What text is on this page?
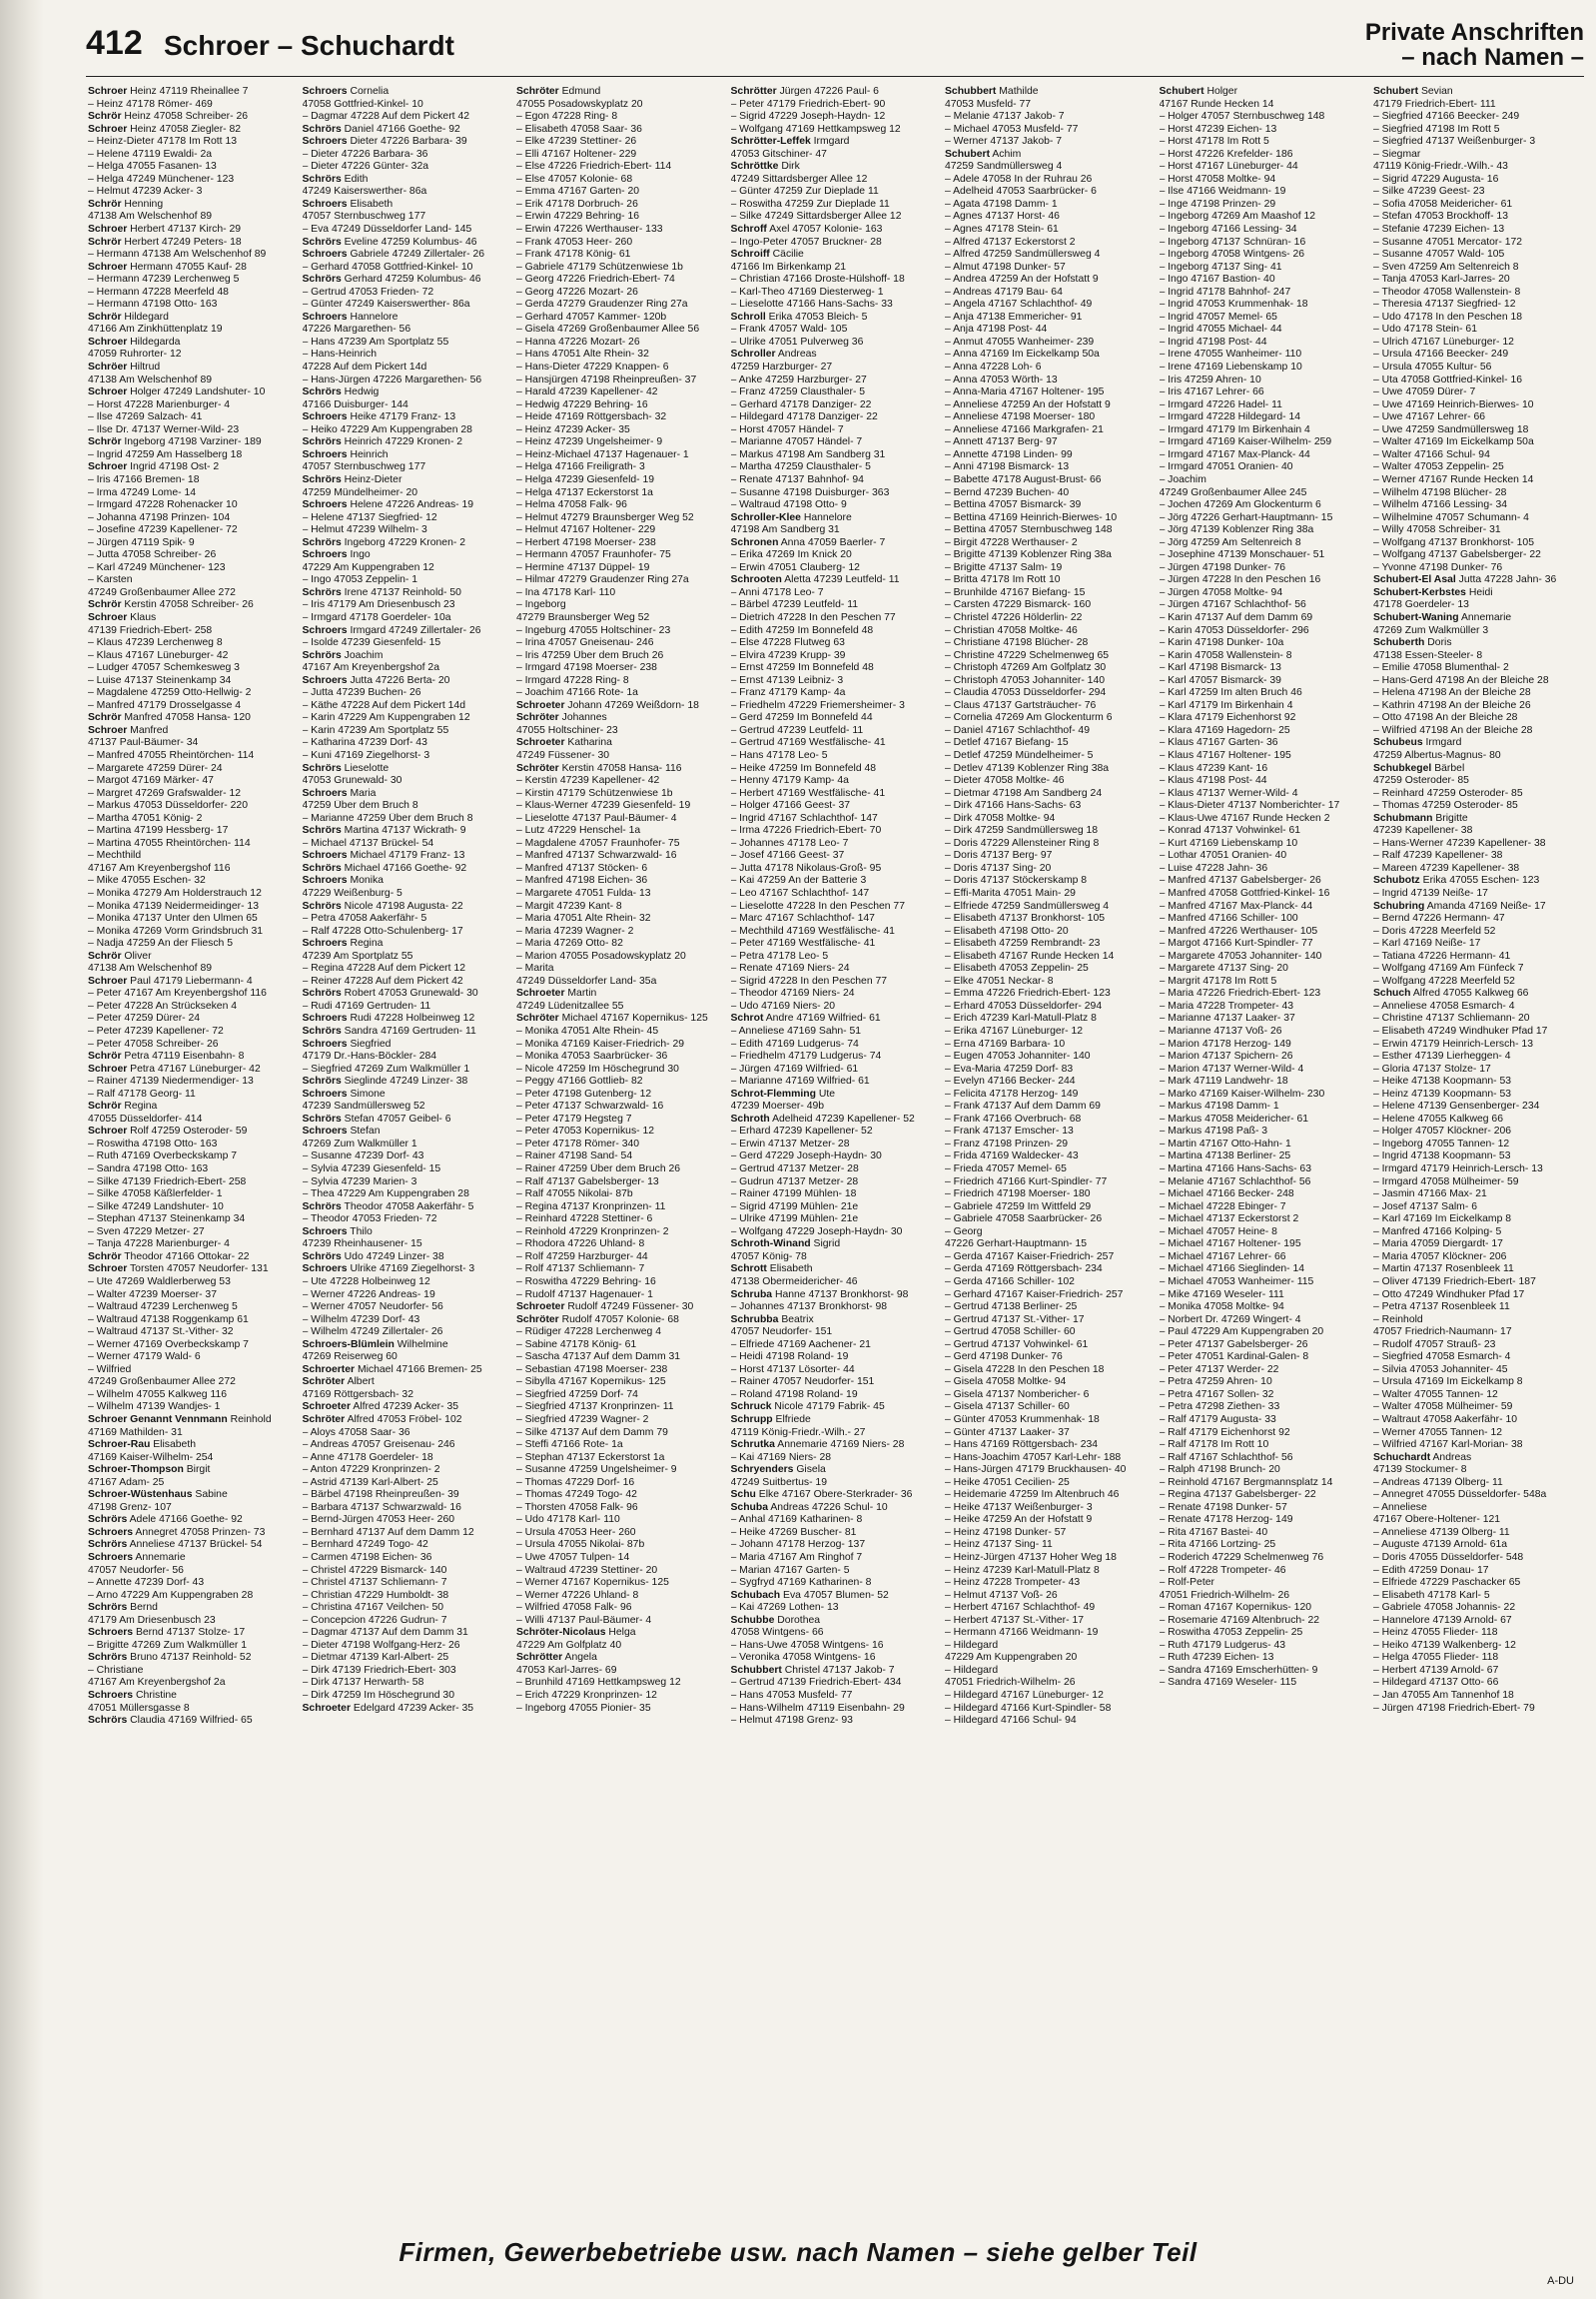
412 Schroer – Schuchardt	Private Anschriften
– nach Namen –
Schroer Heinz 47119 Rheinallee 7
– Heinz 47178 Römer- 469
Schrör Heinz 47058 Schreiber- 26
Schroer Heinz 47058 Ziegler- 82
– Heinz-Dieter 47178 Im Rott 13
– Helene 47119 Ewaldi- 2a
– Helga 47055 Fasanen- 13
– Helga 47249 Münchener- 123
– Helmut 47239 Acker- 3
Schrör Henning
47138 Am Welschenhof 89
Schroer Herbert 47137 Kirch- 29
Schrör Herbert 47249 Peters- 18
– Hermann 47138 Am Welschenhof 89
Schroer Hermann 47055 Kauf- 28
– Hermann 47239 Lerchenweg 5
– Hermann 47228 Meerfeld 48
– Hermann 47198 Otto- 163
Schrör Hildegard
47166 Am Zinkhüttenplatz 19
Schroer Hildegarda
47059 Ruhrorter- 12
Schröer Hiltrud
47138 Am Welschenhof 89
Schroer Holger 47249 Landshuter- 10
– Horst 47228 Marienburger- 4
– Ilse 47269 Salzach- 41
– Ilse Dr. 47137 Werner-Wild- 23
Schrör Ingeborg 47198 Varziner- 189
– Ingrid 47259 Am Hasselberg 18
Schroer Ingrid 47198 Ost- 2
– Iris 47166 Bremen- 18
– Irma 47249 Lome- 14
– Irmgard 47228 Rohenacker 10
– Johanna 47198 Prinzen- 104
– Josefine 47239 Kapellener- 72
– Jürgen 47119 Spik- 9
– Jutta 47058 Schreiber- 26
– Karl 47249 Münchener- 123
– Karsten
47249 Großenbaumer Allee 272
Schrör Kerstin 47058 Schreiber- 26
Schroer Klaus
47139 Friedrich-Ebert- 258
– Klaus 47239 Lerchenweg 8
– Klaus 47167 Lüneburger- 42
– Ludger 47057 Schemkesweg 3
– Luise 47137 Steinenkamp 34
– Magdalene 47259 Otto-Hellwig- 2
– Manfred 47179 Drosselgasse 4
Schrör Manfred 47058 Hansa- 120
Schroer Manfred
47137 Paul-Bäumer- 34
– Manfred 47055 Rheintörchen- 114
– Margarete 47259 Dürer- 24
– Margot 47169 Märker- 47
– Margret 47269 Grafswalder- 12
– Markus 47053 Düsseldorfer- 220
– Martha 47051 König- 2
– Martina 47199 Hessberg- 17
– Martina 47055 Rheintörchen- 114
– Mechthild
47167 Am Kreyenbergshof 116
– Mike 47055 Eschen- 32
– Monika 47279 Am Holderstrauch 12
– Monika 47139 Neidermeidinger- 13
– Monika 47137 Unter den Ulmen 65
– Monika 47269 Vorm Grindsbruch 31
– Nadja 47259 An der Fliesch 5
Schrör Oliver
47138 Am Welschenhof 89
Schroer Paul 47179 Liebermann- 4
– Peter 47167 Am Kreyenbergshof 116
– Peter 47228 An Strückseken 4
– Peter 47259 Dürer- 24
– Peter 47239 Kapellener- 72
– Peter 47058 Schreiber- 26
Schrör Petra 47119 Eisenbahn- 8
Schroer Petra 47167 Lüneburger- 42
– Rainer 47139 Niedermendiger- 13
– Ralf 47178 Georg- 11
Schrör Regina
47055 Düsseldorfer- 414
Schroer Rolf 47259 Osteroder- 59
– Roswitha 47198 Otto- 163
– Ruth 47169 Overbeckskamp 7
– Sandra 47198 Otto- 163
– Silke 47139 Friedrich-Ebert- 258
– Silke 47058 Käßlerfelder- 1
– Silke 47249 Landshuter- 10
– Stephan 47137 Steinenkamp 34
– Sven 47229 Metzer- 27
– Tanja 47228 Marienburger- 4
Schrör Theodor 47166 Ottokar- 22
Schroer Torsten 47057 Neudorfer- 131
– Ute 47269 Waldlerberweg 53
– Walter 47239 Moerser- 37
– Waltraud 47239 Lerchenweg 5
– Waltraud 47138 Roggenkamp 61
– Waltraud 47137 St.-Vither- 32
– Werner 47169 Overbeckskamp 7
– Werner 47179 Wald- 6
– Wilfried
47249 Großenbaumer Allee 272
– Wilhelm 47055 Kalkweg 116
– Wilhelm 47139 Wandjes- 1
Schroer Genannt Vennmann Reinhold
47169 Mathilden- 31
Schroer-Rau Elisabeth
47169 Kaiser-Wilhelm- 254
Schroer-Thompson Birgit
47167 Adam- 25
Schroer-Wüstenhaus Sabine
47198 Grenz- 107
Schrörs Adele 47166 Goethe- 92
Schroers Annegret 47058 Prinzen- 73
Schrörs Anneliese 47137 Brückel- 54
Schroers Annemarie
47057 Neudorfer- 56
– Annette 47239 Dorf- 43
– Arno 47229 Am Kuppengraben 28
Schrörs Bernd
47179 Am Driesenbusch 23
Schroers Bernd 47137 Stolze- 17
– Brigitte 47269 Zum Walkmüller 1
Schrörs Bruno 47137 Reinhold- 52
– Christiane
47167 Am Kreyenbergshof 2a
Schroers Christine
47051 Müllersgasse 8
Schrörs Claudia 47169 Wilfried- 65
Schroers Cornelia
47058 Gottfried-Kinkel- 10
– Dagmar 47228 Auf dem Pickert 42
Schrörs Daniel 47166 Goethe- 92
Schroers Dieter 47226 Barbara- 39
– Dieter 47226 Barbara- 36
– Dieter 47226 Günter- 32a
Schrörs Edith
47249 Kaiserswerther- 86a
Schroers Elisabeth
47057 Sternbuschweg 177
– Eva 47249 Düsseldorfer Land- 145
Schrörs Eveline 47259 Kolumbus- 46
Schroers Gabriele 47249 Zillertaler- 26
– Gerhard 47058 Gottfried-Kinkel- 10
Schrörs Gerhard 47259 Kolumbus- 46
– Gertrud 47053 Frieden- 72
– Günter 47249 Kaiserswerther- 86a
Schroers Hannelore
47226 Margarethen- 56
– Hans 47239 Am Sportplatz 55
– Hans-Heinrich
47228 Auf dem Pickert 14d
– Hans-Jürgen 47226 Margarethen- 56
Schrörs Hedwig
47166 Duisburger- 144
Schroers Heike 47179 Franz- 13
– Heiko 47229 Am Kuppengraben 28
Schrörs Heinrich 47229 Kronen- 2
Schroers Heinrich
47057 Sternbuschweg 177
Schrörs Heinz-Dieter
47259 Mündelheimer- 20
Schroers Helene 47226 Andreas- 19
– Helene 47137 Siegfried- 12
– Helmut 47239 Wilhelm- 3
Schrörs Ingeborg 47229 Kronen- 2
Schroers Ingo
47229 Am Kuppengraben 12
– Ingo 47053 Zeppelin- 1
Schrörs Irene 47137 Reinhold- 50
– Iris 47179 Am Driesenbusch 23
– Irmgard 47178 Goerdeler- 10a
Schroers Irmgard 47249 Zillertaler- 26
– Isolde 47239 Giesenfeld- 15
Schrörs Joachim
47167 Am Kreyenbergshof 2a
Schroers Jutta 47226 Berta- 20
– Jutta 47239 Buchen- 26
– Käthe 47228 Auf dem Pickert 14d
– Karin 47229 Am Kuppengraben 12
– Karin 47239 Am Sportplatz 55
– Katharina 47239 Dorf- 43
– Kuni 47169 Ziegelhorst- 3
Schrörs Lieselotte
47053 Grunewald- 30
Schroers Maria
47259 Über dem Bruch 8
– Marianne 47259 Über dem Bruch 8
Schrörs Martina 47137 Wickrath- 9
– Michael 47137 Brückel- 54
Schroers Michael 47179 Franz- 13
Schrörs Michael 47166 Goethe- 92
Schroers Monika
47229 Weißenburg- 5
Schrörs Nicole 47198 Augusta- 22
– Petra 47058 Aakerfähr- 5
– Ralf 47228 Otto-Schulenberg- 17
Schroers Regina
47239 Am Sportplatz 55
– Regina 47228 Auf dem Pickert 12
– Reiner 47228 Auf dem Pickert 42
Schrörs Robert 47053 Grunewald- 30
– Rudi 47169 Gertruden- 11
Schroers Rudi 47228 Holbeinweg 12
Schrörs Sandra 47169 Gertruden- 11
Schroers Siegfried
47179 Dr.-Hans-Böckler- 284
– Siegfried 47269 Zum Walkmüller 1
Schrörs Sieglinde 47249 Linzer- 38
Schroers Simone
47239 Sandmüllersweg 52
Schrörs Stefan 47057 Geibel- 6
Schroers Stefan
47269 Zum Walkmüller 1
– Susanne 47239 Dorf- 43
– Sylvia 47239 Giesenfeld- 15
– Sylvia 47239 Marien- 3
– Thea 47229 Am Kuppengraben 28
Schrörs Theodor 47058 Aakerfähr- 5
– Theodor 47053 Frieden- 72
Schroers Thilo
47239 Rheinhausener- 15
Schrörs Udo 47249 Linzer- 38
Schroers Ulrike 47169 Ziegelhorst- 3
– Ute 47228 Holbeinweg 12
– Werner 47226 Andreas- 19
– Werner 47057 Neudorfer- 56
– Wilhelm 47239 Dorf- 43
– Wilhelm 47249 Zillertaler- 26
Schroers-Blümlein Wilhelmine
47269 Reiserweg 60
Schroerter Michael 47166 Bremen- 25
Schröter Albert
47169 Röttgersbach- 32
Schroeter Alfred 47239 Acker- 35
Schröter Alfred 47053 Fröbel- 102
– Aloys 47058 Saar- 36
– Andreas 47057 Greisenau- 246
– Anne 47178 Goerdeler- 18
– Anton 47229 Kronprinzen- 2
– Astrid 47139 Karl-Albert- 25
– Bärbel 47198 Rheinpreußen- 39
– Barbara 47137 Schwarzwald- 16
– Bernd-Jürgen 47053 Heer- 260
– Bernhard 47137 Auf dem Damm 12
– Bernhard 47249 Togo- 42
– Carmen 47198 Eichen- 36
– Christel 47229 Bismarck- 140
– Christel 47137 Schliemann- 7
– Christian 47229 Humboldt- 38
– Christina 47167 Veilchen- 50
– Concepcion 47226 Gudrun- 7
– Dagmar 47137 Auf dem Damm 31
– Dieter 47198 Wolfgang-Herz- 26
– Dietmar 47139 Karl-Albert- 25
– Dirk 47139 Friedrich-Ebert- 303
– Dirk 47137 Herwarth- 58
– Dirk 47259 Im Höschegrund 30
Schroeter Edelgard 47239 Acker- 35
Schröter Edmund
47055 Posadowskyplatz 20
– Egon 47228 Ring- 8
– Elisabeth 47058 Saar- 36
– Elke 47239 Stettiner- 26
– Elli 47167 Holtener- 229
– Else 47226 Friedrich-Ebert- 114
– Else 47057 Kolonie- 68
– Emma 47167 Garten- 20
– Erik 47178 Dorbruch- 26
– Erwin 47229 Behring- 16
– Erwin 47226 Werthauser- 133
– Frank 47053 Heer- 260
– Frank 47178 König- 61
– Gabriele 47179 Schützenwiese 1b
– Georg 47226 Friedrich-Ebert- 74
– Georg 47226 Mozart- 26
– Gerda 47279 Graudenzer Ring 27a
– Gerhard 47057 Kammer- 120b
– Gisela 47269 Großenbaumer Allee 56
– Hanna 47226 Mozart- 26
– Hans 47051 Alte Rhein- 32
– Hans-Dieter 47229 Knappen- 6
– Hansjürgen 47198 Rheinpreußen- 37
– Harald 47239 Kapellener- 42
– Hedwig 47229 Behring- 16
– Heide 47169 Röttgersbach- 32
– Heinz 47239 Acker- 35
– Heinz 47239 Ungelsheimer- 9
– Heinz-Michael 47137 Hagenauer- 1
– Helga 47166 Freiligrath- 3
– Helga 47239 Giesenfeld- 19
– Helga 47137 Eckerstorst 1a
– Helma 47058 Falk- 96
– Helmut 47279 Braunsberger Weg 52
– Helmut 47167 Holtener- 229
– Herbert 47198 Moerser- 238
– Hermann 47057 Fraunhofer- 75
– Hermine 47137 Düppel- 19
– Hilmar 47279 Graudenzer Ring 27a
– Ina 47178 Karl- 110
– Ingeborg
47279 Braunsberger Weg 52
– Ingeburg 47055 Holtschiner- 23
– Irina 47057 Gneisenau- 246
– Iris 47259 Über dem Bruch 26
– Irmgard 47198 Moerser- 238
– Irmgard 47228 Ring- 8
– Joachim 47166 Rote- 1a
Schroeter Johann 47269 Weißdorn- 18
Schröter Johannes
47055 Holtschiner- 23
Schroeter Katharina
47249 Füssener- 30
Schröter Kerstin 47058 Hansa- 116
– Kerstin 47239 Kapellener- 42
– Kirstin 47179 Schützenwiese 1b
– Klaus-Werner 47239 Giesenfeld- 19
– Lieselotte 47137 Paul-Bäumer- 4
– Lutz 47229 Henschel- 1a
– Magdalene 47057 Fraunhofer- 75
– Manfred 47137 Schwarzwald- 16
– Manfred 47137 Stöcken- 6
– Manfred 47198 Eichen- 36
– Margarete 47051 Fulda- 13
– Margit 47239 Kant- 8
– Maria 47051 Alte Rhein- 32
– Maria 47239 Wagner- 2
– Maria 47269 Otto- 82
– Marion 47055 Posadowskyplatz 20
– Marita
47249 Düsseldorfer Land- 35a
Schroeter Martin
47249 Lüdenitzallee 55
Schröter Michael 47167 Kopernikus- 125
– Monika 47051 Alte Rhein- 45
– Monika 47169 Kaiser-Friedrich- 29
– Monika 47053 Saarbrücker- 36
– Nicole 47259 Im Höschegrund 30
– Peggy 47166 Gottlieb- 82
– Peter 47198 Gutenberg- 12
– Peter 47137 Schwarzwald- 16
– Peter 47179 Hegsteg 7
– Peter 47053 Kopernikus- 12
– Peter 47178 Römer- 340
– Rainer 47198 Sand- 54
– Rainer 47259 Über dem Bruch 26
– Ralf 47137 Gabelsberger- 13
– Ralf 47055 Nikolai- 87b
– Regina 47137 Kronprinzen- 11
– Reinhard 47228 Stettiner- 6
– Reinhold 47229 Kronprinzen- 2
– Rhodora 47226 Uhland- 8
– Rolf 47259 Harzburger- 44
– Rolf 47137 Schliemann- 7
– Roswitha 47229 Behring- 16
– Rudolf 47137 Hagenauer- 1
Schroeter Rudolf 47249 Füssener- 30
Schröter Rudolf 47057 Kolonie- 68
– Rüdiger 47228 Lerchenweg 4
– Sabine 47178 König- 61
– Sascha 47137 Auf dem Damm 31
– Sebastian 47198 Moerser- 238
– Sibylla 47167 Kopernikus- 125
– Siegfried 47259 Dorf- 74
– Siegfried 47137 Kronprinzen- 11
– Siegfried 47239 Wagner- 2
– Silke 47137 Auf dem Damm 79
– Steffi 47166 Rote- 1a
– Stephan 47137 Eckerstorst 1a
– Susanne 47259 Ungelsheimer- 9
– Thomas 47229 Dorf- 16
– Thomas 47249 Togo- 42
– Thorsten 47058 Falk- 96
– Udo 47178 Karl- 110
– Ursula 47053 Heer- 260
– Ursula 47055 Nikolai- 87b
– Uwe 47057 Tulpen- 14
– Waltraud 47239 Stettiner- 20
– Werner 47167 Kopernikus- 125
– Werner 47226 Uhland- 8
– Wilfried 47058 Falk- 96
– Willi 47137 Paul-Bäumer- 4
Schröter-Nicolaus Helga
47229 Am Golfplatz 40
Schrötter Angela
47053 Karl-Jarres- 69
– Brunhild 47169 Hettkampsweg 12
– Erich 47229 Kronprinzen- 12
– Ingeborg 47055 Pionier- 35
Schrötter Jürgen 47226 Paul- 6
– Peter 47179 Friedrich-Ebert- 90
– Sigrid 47229 Joseph-Haydn- 12
– Wolfgang 47169 Hettkampsweg 12
Schrötter-Leffek Irmgard
47053 Gitschiner- 47
Schröttke Dirk
47249 Sittardsberger Allee 12
– Günter 47259 Zur Dieplade 11
– Roswitha 47259 Zur Dieplade 11
– Silke 47249 Sittardsberger Allee 12
Schroff Axel 47057 Kolonie- 163
– Ingo-Peter 47057 Bruckner- 28
Schroiff Cäcilie
47166 Im Birkenkamp 21
– Christian 47166 Droste-Hülshoff- 18
– Karl-Theo 47169 Diesterweg- 1
– Lieselotte 47166 Hans-Sachs- 33
Schroll Erika 47053 Bleich- 5
– Frank 47057 Wald- 105
– Ulrike 47051 Pulverweg 36
Schroller Andreas
47259 Harzburger- 27
– Anke 47259 Harzburger- 27
– Franz 47259 Clausthaler- 5
– Gerhard 47178 Danziger- 22
– Hildegard 47178 Danziger- 22
– Horst 47057 Händel- 7
– Marianne 47057 Händel- 7
– Markus 47198 Am Sandberg 31
– Martha 47259 Clausthaler- 5
– Renate 47137 Bahnhof- 94
– Susanne 47198 Duisburger- 363
– Waltraud 47198 Otto- 9
Schroller-Klee Hannelore
47198 Am Sandberg 31
Schronen Anna 47059 Baerler- 7
– Erika 47269 Im Knick 20
– Erwin 47051 Clauberg- 12
Schrooten Aletta 47239 Leutfeld- 11
– Anni 47178 Leo- 7
– Bärbel 47239 Leutfeld- 11
– Dietrich 47228 In den Peschen 77
– Edith 47259 Im Bonnefeld 48
– Else 47228 Flutweg 63
– Elvira 47239 Krupp- 39
– Ernst 47259 Im Bonnefeld 48
– Ernst 47139 Leibniz- 3
– Franz 47179 Kamp- 4a
– Friedhelm 47229 Friemersheimer- 3
– Gerd 47259 Im Bonnefeld 44
– Gertrud 47239 Leutfeld- 11
– Gertrud 47169 Westfälische- 41
– Hans 47178 Leo- 5
– Heike 47259 Im Bonnefeld 48
– Henny 47179 Kamp- 4a
– Herbert 47169 Westfälische- 41
– Holger 47166 Geest- 37
– Ingrid 47167 Schlachthof- 147
– Irma 47226 Friedrich-Ebert- 70
– Johannes 47178 Leo- 7
– Josef 47166 Geest- 37
– Jutta 47178 Nikolaus-Groß- 95
– Kai 47259 An der Batterie 3
– Leo 47167 Schlachthof- 147
– Lieselotte 47228 In den Peschen 77
– Marc 47167 Schlachthof- 147
– Mechthild 47169 Westfälische- 41
– Peter 47169 Westfälische- 41
– Petra 47178 Leo- 5
– Renate 47169 Niers- 24
– Sigrid 47228 In den Peschen 77
– Theodor 47169 Niers- 24
– Udo 47169 Niers- 20
Schrot Andre 47169 Wilfried- 61
– Anneliese 47169 Sahn- 51
– Edith 47169 Ludgerus- 74
– Friedhelm 47179 Ludgerus- 74
– Jürgen 47169 Wilfried- 61
– Marianne 47169 Wilfried- 61
Schrot-Flemming Ute
47239 Moerser- 49b
Schroth Adelheid 47239 Kapellener- 52
– Erhard 47239 Kapellener- 52
– Erwin 47137 Metzer- 28
– Gerd 47229 Joseph-Haydn- 30
– Gertrud 47137 Metzer- 28
– Gudrun 47137 Metzer- 28
– Rainer 47199 Mühlen- 18
– Sigrid 47199 Mühlen- 21e
– Ulrike 47199 Mühlen- 21e
– Wolfgang 47229 Joseph-Haydn- 30
Schroth-Winand Sigrid
47057 König- 78
Schrott Elisabeth
47138 Obermeidericher- 46
Schruba Hanne 47137 Bronkhorst- 98
– Johannes 47137 Bronkhorst- 98
Schrubba Beatrix
47057 Neudorfer- 151
– Elfriede 47169 Aachener- 21
– Heidi 47198 Roland- 19
– Horst 47137 Lösorter- 44
– Rainer 47057 Neudorfer- 151
– Roland 47198 Roland- 19
Schruck Nicole 47179 Fabrik- 45
Schrupp Elfriede
47119 König-Friedr.-Wilh.- 27
Schrutka Annemarie 47169 Niers- 28
– Kai 47169 Niers- 28
Schryenders Gisela
47249 Suitbertus- 19
Schu Elke 47167 Obere-Sterkrader- 36
Schuba Andreas 47226 Schul- 10
– Anhal 47169 Katharinen- 8
– Heike 47269 Buscher- 81
– Johann 47178 Herzog- 137
– Maria 47167 Am Ringhof 7
– Marian 47167 Garten- 5
– Sygfryd 47169 Katharinen- 8
Schubach Eva 47057 Blumen- 52
– Kai 47269 Lothen- 13
Schubbe Dorothea
47058 Wintgens- 66
– Hans-Uwe 47058 Wintgens- 16
– Veronika 47058 Wintgens- 16
Schubbert Christel 47137 Jakob- 7
– Gertrud 47139 Friedrich-Ebert- 434
– Hans 47053 Musfeld- 77
– Hans-Wilhelm 47119 Eisenbahn- 29
– Helmut 47198 Grenz- 93
Schubbert Mathilde
47053 Musfeld- 77
– Melanie 47137 Jakob- 7
– Michael 47053 Musfeld- 77
– Werner 47137 Jakob- 7
Schubert Achim
47259 Sandmüllersweg 4
– Adele 47058 In der Ruhrau 26
– Adelheid 47053 Saarbrücker- 6
– Agata 47198 Damm- 1
– Agnes 47137 Horst- 46
– Agnes 47178 Stein- 61
– Alfred 47137 Eckerstorst 2
– Alfred 47259 Sandmüllersweg 4
– Almut 47198 Dunker- 57
– Andrea 47259 An der Hofstatt 9
– Andreas 47179 Bau- 64
– Angela 47167 Schlachthof- 49
– Anja 47138 Emmericher- 91
– Anja 47198 Post- 44
– Anmut 47055 Wanheimer- 239
– Anna 47169 Im Eickelkamp 50a
– Anna 47228 Loh- 6
– Anna 47053 Wörth- 13
– Anna-Maria 47167 Holtener- 195
– Anneliese 47259 An der Hofstatt 9
– Anneliese 47198 Moerser- 180
– Anneliese 47166 Markgrafen- 21
– Annett 47137 Berg- 97
– Annette 47198 Linden- 99
– Anni 47198 Bismarck- 13
– Babette 47178 August-Brust- 66
– Bernd 47239 Buchen- 40
– Bettina 47057 Bismarck- 39
– Bettina 47169 Heinrich-Bierwes- 10
– Bettina 47057 Sternbuschweg 148
– Birgit 47228 Werthauser- 2
– Brigitte 47139 Koblenzer Ring 38a
– Brigitte 47137 Salm- 19
– Britta 47178 Im Rott 10
– Brunhilde 47167 Biefang- 15
– Carsten 47229 Bismarck- 160
– Christel 47226 Hölderlin- 22
– Christian 47058 Moltke- 46
– Christiane 47198 Blücher- 28
– Christine 47229 Schelmenweg 65
– Christoph 47269 Am Golfplatz 30
– Christoph 47053 Johanniter- 140
– Claudia 47053 Düsseldorfer- 294
– Claus 47137 Gartsträucher- 76
– Cornelia 47269 Am Glockenturm 6
– Daniel 47167 Schlachthof- 49
– Detlef 47167 Biefang- 15
– Detlef 47259 Mündelheimer- 5
– Detlev 47139 Koblenzer Ring 38a
– Dieter 47058 Moltke- 46
– Dietmar 47198 Am Sandberg 24
– Dirk 47166 Hans-Sachs- 63
– Dirk 47058 Moltke- 94
– Dirk 47259 Sandmüllersweg 18
– Doris 47229 Allensteiner Ring 8
– Doris 47137 Berg- 97
– Doris 47137 Sing- 20
– Doris 47137 Stöckerskamp 8
– Effi-Marita 47051 Main- 29
– Elfriede 47259 Sandmüllersweg 4
– Elisabeth 47137 Bronkhorst- 105
– Elisabeth 47198 Otto- 20
– Elisabeth 47259 Rembrandt- 23
– Elisabeth 47167 Runde Hecken 14
– Elisabeth 47053 Zeppelin- 25
– Elke 47051 Neckar- 8
– Emma 47226 Friedrich-Ebert- 123
– Erhard 47053 Düsseldorfer- 294
– Erich 47239 Karl-Matull-Platz 8
– Erika 47167 Lüneburger- 12
– Erna 47169 Barbara- 10
– Eugen 47053 Johanniter- 140
– Eva-Maria 47259 Dorf- 83
– Evelyn 47166 Becker- 244
– Felicita 47178 Herzog- 149
– Frank 47137 Auf dem Damm 69
– Frank 47166 Overbruch- 68
– Frank 47137 Emscher- 13
– Franz 47198 Prinzen- 29
– Frida 47169 Waldecker- 43
– Frieda 47057 Memel- 65
– Friedrich 47166 Kurt-Spindler- 77
– Friedrich 47198 Moerser- 180
– Gabriele 47259 Im Wittfeld 29
– Gabriele 47058 Saarbrücker- 26
– Georg
47226 Gerhart-Hauptmann- 15
– Gerda 47167 Kaiser-Friedrich- 257
– Gerda 47169 Röttgersbach- 234
– Gerda 47166 Schiller- 102
– Gerhard 47167 Kaiser-Friedrich- 257
– Gertrud 47138 Berliner- 25
– Gertrud 47137 St.-Vither- 17
– Gertrud 47058 Schiller- 60
– Gertrud 47137 Vohwinkel- 61
– Gerd 47198 Dunker- 76
– Gisela 47228 In den Peschen 18
– Gisela 47058 Moltke- 94
– Gisela 47137 Nombericher- 6
– Gisela 47137 Schiller- 60
– Günter 47053 Krummenhak- 18
– Günter 47137 Laaker- 37
– Hans 47169 Röttgersbach- 234
– Hans-Joachim 47057 Karl-Lehr- 188
– Hans-Jürgen 47179 Bruckhausen- 40
– Heike 47051 Cecilien- 25
– Heidemarie 47259 Im Altenbruch 46
– Heike 47137 Weißenburger- 3
– Heike 47259 An der Hofstatt 9
– Heinz 47198 Dunker- 57
– Heinz 47137 Sing- 11
– Heinz-Jürgen 47137 Hoher Weg 18
– Heinz 47239 Karl-Matull-Platz 8
– Heinz 47228 Trompeter- 43
– Helmut 47137 Voß- 26
– Herbert 47167 Schlachthof- 49
– Herbert 47137 St.-Vither- 17
– Hermann 47166 Weidmann- 19
– Hildegard
47229 Am Kuppengraben 20
– Hildegard
47051 Friedrich-Wilhelm- 26
– Hildegard 47167 Lüneburger- 12
– Hildegard 47166 Kurt-Spindler- 58
– Hildegard 47166 Schul- 94
Schubert Holger
47167 Runde Hecken 14
– Holger 47057 Sternbuschweg 148
– Horst 47239 Eichen- 13
– Horst 47178 Im Rott 5
– Horst 47226 Krefelder- 186
– Horst 47167 Lüneburger- 44
– Horst 47058 Moltke- 94
– Ilse 47166 Weidmann- 19
– Inge 47198 Prinzen- 29
– Ingeborg 47269 Am Maashof 12
– Ingeborg 47166 Lessing- 34
– Ingeborg 47137 Schnüran- 16
– Ingeborg 47058 Wintgens- 26
– Ingeborg 47137 Sing- 41
– Ingo 47167 Bastion- 40
– Ingrid 47178 Bahnhof- 247
– Ingrid 47053 Krummenhak- 18
– Ingrid 47057 Memel- 65
– Ingrid 47055 Michael- 44
– Ingrid 47198 Post- 44
– Irene 47055 Wanheimer- 110
– Irene 47169 Liebenskamp 10
– Iris 47259 Ahren- 10
– Iris 47167 Lehrer- 66
– Irmgard 47226 Hadel- 11
– Irmgard 47228 Hildegard- 14
– Irmgard 47179 Im Birkenhain 4
– Irmgard 47169 Kaiser-Wilhelm- 259
– Irmgard 47167 Max-Planck- 44
– Irmgard 47051 Oranien- 40
– Joachim
47249 Großenbaumer Allee 245
– Jochen 47269 Am Glockenturm 6
– Jörg 47226 Gerhart-Hauptmann- 15
– Jörg 47139 Koblenzer Ring 38a
– Jörg 47259 Am Seltenreich 8
– Josephine 47139 Monschauer- 51
– Jürgen 47198 Dunker- 76
– Jürgen 47228 In den Peschen 16
– Jürgen 47058 Moltke- 94
– Jürgen 47167 Schlachthof- 56
– Karin 47137 Auf dem Damm 69
– Karin 47053 Düsseldorfer- 296
– Karin 47198 Dunker- 10a
– Karin 47058 Wallenstein- 8
– Karl 47198 Bismarck- 13
– Karl 47057 Bismarck- 39
– Karl 47259 Im alten Bruch 46
– Karl 47179 Im Birkenhain 4
– Klara 47179 Eichenhorst 92
– Klara 47169 Hagedorn- 25
– Klaus 47167 Garten- 36
– Klaus 47167 Holtener- 195
– Klaus 47239 Kant- 16
– Klaus 47198 Post- 44
– Klaus 47137 Werner-Wild- 4
– Klaus-Dieter 47137 Nomberichter- 17
– Klaus-Uwe 47167 Runde Hecken 2
– Konrad 47137 Vohwinkel- 61
– Kurt 47169 Liebenskamp 10
– Lothar 47051 Oranien- 40
– Luise 47228 Jahn- 36
– Manfred 47137 Gabelsberger- 26
– Manfred 47058 Gottfried-Kinkel- 16
– Manfred 47167 Max-Planck- 44
– Manfred 47166 Schiller- 100
– Manfred 47226 Werthauser- 105
– Margot 47166 Kurt-Spindler- 77
– Margarete 47053 Johanniter- 140
– Margarete 47137 Sing- 20
– Margrit 47178 Im Rott 5
– Maria 47226 Friedrich-Ebert- 123
– Maria 47228 Trompeter- 43
– Marianne 47137 Laaker- 37
– Marianne 47137 Voß- 26
– Marion 47178 Herzog- 149
– Marion 47137 Spichern- 26
– Marion 47137 Werner-Wild- 4
– Mark 47119 Landwehr- 18
– Marko 47169 Kaiser-Wilhelm- 230
– Markus 47198 Damm- 1
– Markus 47058 Meidericher- 61
– Markus 47198 Paß- 3
– Martin 47167 Otto-Hahn- 1
– Martina 47138 Berliner- 25
– Martina 47166 Hans-Sachs- 63
– Melanie 47167 Schlachthof- 56
– Michael 47166 Becker- 248
– Michael 47228 Ebinger- 7
– Michael 47137 Eckerstorst 2
– Michael 47057 Heine- 8
– Michael 47167 Holtener- 195
– Michael 47167 Lehrer- 66
– Michael 47166 Sieglinden- 14
– Michael 47053 Wanheimer- 115
– Mike 47169 Weseler- 111
– Monika 47058 Moltke- 94
– Norbert Dr. 47269 Wingert- 4
– Paul 47229 Am Kuppengraben 20
– Peter 47137 Gabelsberger- 26
– Peter 47051 Kardinal-Galen- 8
– Peter 47137 Werder- 22
– Petra 47259 Ahren- 10
– Petra 47167 Sollen- 32
– Petra 47298 Ziethen- 33
– Ralf 47179 Augusta- 33
– Ralf 47179 Eichenhorst 92
– Ralf 47178 Im Rott 10
– Ralf 47167 Schlachthof- 56
– Ralph 47198 Brunch- 20
– Reinhold 47167 Bergmannsplatz 14
– Regina 47137 Gabelsberger- 22
– Renate 47198 Dunker- 57
– Renate 47178 Herzog- 149
– Rita 47167 Bastei- 40
– Rita 47166 Lortzing- 25
– Roderich 47229 Schelmenweg 76
– Rolf 47228 Trompeter- 46
– Rolf-Peter
47051 Friedrich-Wilhelm- 26
– Roman 47167 Kopernikus- 120
– Rosemarie 47169 Altenbruch- 22
– Roswitha 47053 Zeppelin- 25
– Ruth 47179 Ludgerus- 43
– Ruth 47239 Eichen- 13
– Sandra 47169 Emscherhütten- 9
– Sandra 47169 Weseler- 115
Schubert Sevian
47179 Friedrich-Ebert- 111
– Siegfried 47166 Beecker- 249
– Siegfried 47198 Im Rott 5
– Siegfried 47137 Weißenburger- 3
– Siegmar
47119 König-Friedr.-Wilh.- 43
– Sigrid 47229 Augusta- 16
– Silke 47239 Geest- 23
– Sofia 47058 Meidericher- 61
– Stefan 47053 Brockhoff- 13
– Stefanie 47239 Eichen- 13
– Susanne 47051 Mercator- 172
– Susanne 47057 Wald- 105
– Sven 47259 Am Seltenreich 8
– Tanja 47053 Karl-Jarres- 20
– Theodor 47058 Wallenstein- 8
– Theresia 47137 Siegfried- 12
– Udo 47178 In den Peschen 18
– Udo 47178 Stein- 61
– Ulrich 47167 Lüneburger- 12
– Ursula 47166 Beecker- 249
– Ursula 47055 Kultur- 56
– Uta 47058 Gottfried-Kinkel- 16
– Uwe 47059 Dürer- 7
– Uwe 47169 Heinrich-Bierwes- 10
– Uwe 47167 Lehrer- 66
– Uwe 47259 Sandmüllersweg 18
– Walter 47169 Im Eickelkamp 50a
– Walter 47166 Schul- 94
– Walter 47053 Zeppelin- 25
– Werner 47167 Runde Hecken 14
– Wilhelm 47198 Blücher- 28
– Wilhelm 47166 Lessing- 34
– Wilhelmine 47057 Schumann- 4
– Willy 47058 Schreiber- 31
– Wolfgang 47137 Bronkhorst- 105
– Wolfgang 47137 Gabelsberger- 22
– Yvonne 47198 Dunker- 76
Schubert-El Asal Jutta 47228 Jahn- 36
Schubert-Kerbstes Heidi
47178 Goerdeler- 13
Schubert-Waning Annemarie
47269 Zum Walkmüller 3
Schuberth Doris
47138 Essen-Steeler- 8
– Emilie 47058 Blumenthal- 2
– Hans-Gerd 47198 An der Bleiche 28
– Helena 47198 An der Bleiche 28
– Kathrin 47198 An der Bleiche 26
– Otto 47198 An der Bleiche 28
– Wilfried 47198 An der Bleiche 28
Schubeus Irmgard
47259 Albertus-Magnus- 80
Schubkegel Bärbel
47259 Osteroder- 85
– Reinhard 47259 Osteroder- 85
– Thomas 47259 Osteroder- 85
Schubmann Brigitte
47239 Kapellener- 38
– Hans-Werner 47239 Kapellener- 38
– Ralf 47239 Kapellener- 38
– Mareen 47239 Kapellener- 38
Schubotz Erika 47055 Eschen- 123
– Ingrid 47139 Neiße- 17
Schubring Amanda 47169 Neiße- 17
– Bernd 47226 Hermann- 47
– Doris 47228 Meerfeld 52
– Karl 47169 Neiße- 17
– Tatiana 47226 Hermann- 41
– Wolfgang 47169 Am Fünfeck 7
– Wolfgang 47228 Meerfeld 52
Schuch Alfred 47055 Kalkweg 66
– Anneliese 47058 Esmarch- 4
– Christine 47137 Schliemann- 20
– Elisabeth 47249 Windhuker Pfad 17
– Erwin 47179 Heinrich-Lersch- 13
– Esther 47139 Lierheggen- 4
– Gloria 47137 Stolze- 17
– Heike 47138 Koopmann- 53
– Heinz 47139 Koopmann- 53
– Helene 47139 Gensenberger- 234
– Helene 47055 Kalkweg 66
– Holger 47057 Klöckner- 206
– Ingeborg 47055 Tannen- 12
– Ingrid 47138 Koopmann- 53
– Irmgard 47179 Heinrich-Lersch- 13
– Irmgard 47058 Mülheimer- 59
– Jasmin 47166 Max- 21
– Josef 47137 Salm- 6
– Karl 47169 Im Eickelkamp 8
– Manfred 47166 Kolping- 5
– Maria 47059 Diergardt- 17
– Maria 47057 Klöckner- 206
– Martin 47137 Rosenbleek 11
– Oliver 47139 Friedrich-Ebert- 187
– Otto 47249 Windhuker Pfad 17
– Petra 47137 Rosenbleek 11
– Reinhold
47057 Friedrich-Naumann- 17
– Rudolf 47057 Strauß- 23
– Siegfried 47058 Esmarch- 4
– Silvia 47053 Johanniter- 45
– Ursula 47169 Im Eickelkamp 8
– Walter 47055 Tannen- 12
– Walter 47058 Mülheimer- 59
– Waltraut 47058 Aakerfähr- 10
– Werner 47055 Tannen- 12
– Wilfried 47167 Karl-Morian- 38
Schuchardt Andreas
47139 Stockumer- 8
– Andreas 47139 Ölberg- 11
– Annegret 47055 Düsseldorfer- 548a
– Anneliese
47167 Obere-Holtener- 121
– Anneliese 47139 Ölberg- 11
– Auguste 47139 Arnold- 61a
– Doris 47055 Düsseldorfer- 548
– Edith 47259 Donau- 17
– Elfriede 47229 Paschacker 65
– Elisabeth 47178 Karl- 5
– Gabriele 47058 Johannis- 22
– Hannelore 47139 Arnold- 67
– Heinz 47055 Flieder- 118
– Heiko 47139 Walkenberg- 12
– Helga 47055 Flieder- 118
– Herbert 47139 Arnold- 67
– Hildegard 47137 Otto- 66
– Jan 47055 Am Tannenhof 18
– Jürgen 47198 Friedrich-Ebert- 79
Firmen, Gewerbebetriebe usw. nach Namen – siehe gelber Teil
A-DU
